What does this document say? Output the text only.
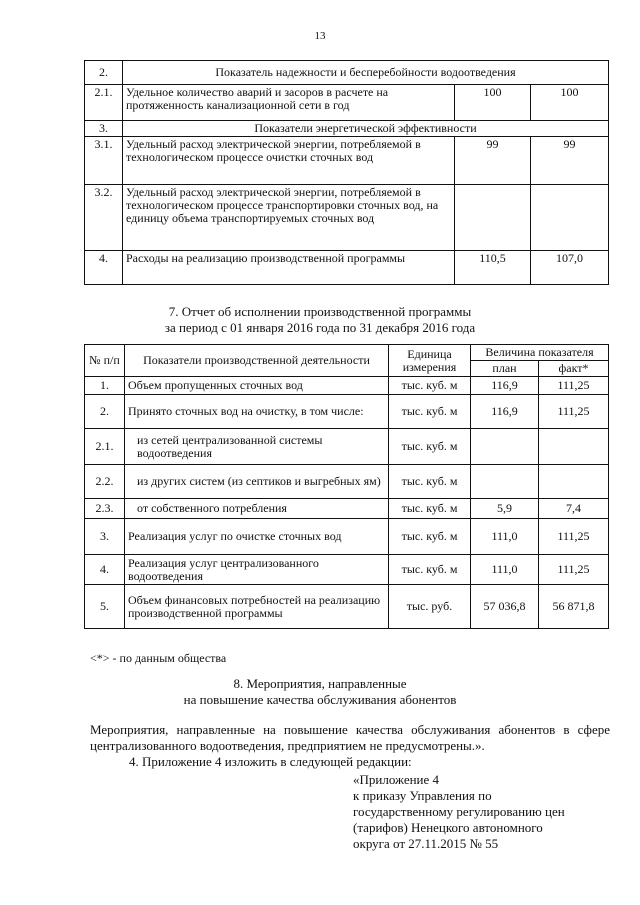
13
2.	Показатель надежности и бесперебойности водоотведения		
2.1.	Удельное количество аварий и засоров в расчете на протяженность канализационной сети в год	100	100
3.	Показатели энергетической эффективности		
3.1.	Удельный расход электрической энергии, потребляемой в технологическом процессе очистки сточных вод	99	99
3.2.	Удельный расход электрической энергии, потребляемой в технологическом процессе транспортировки сточных вод, на единицу объема транспортируемых сточных вод		
4.	Расходы на реализацию производственной программы	110,5	107,0
7. Отчет об исполнении производственной программы
за период с 01 января 2016 года по 31 декабря 2016 года
№ п/п	Показатели производственной деятельности	Единица измерения	Величина показателя	
			план	факт*
1.	Объем пропущенных сточных вод	тыс. куб. м	116,9	111,25
2.	Принято сточных вод на очистку, в том числе:	тыс. куб. м	116,9	111,25
2.1.	из сетей централизованной системы водоотведения	тыс. куб. м		
2.2.	из других систем (из септиков и выгребных ям)	тыс. куб. м		
2.3.	от собственного потребления	тыс. куб. м	5,9	7,4
3.	Реализация услуг по очистке сточных вод	тыс. куб. м	111,0	111,25
4.	Реализация услуг централизованного водоотведения	тыс. куб. м	111,0	111,25
5.	Объем финансовых потребностей на реализацию производственной программы	тыс. руб.	57 036,8	56 871,8
<*> - по данным общества
8. Мероприятия, направленные
на повышение качества обслуживания абонентов
Мероприятия, направленные на повышение качества обслуживания абонентов в сфере централизованного водоотведения, предприятием не предусмотрены.».
4. Приложение 4 изложить в следующей редакции:
«Приложение 4
к приказу Управления по
государственному регулированию цен
(тарифов) Ненецкого автономного
округа от 27.11.2015 № 55
